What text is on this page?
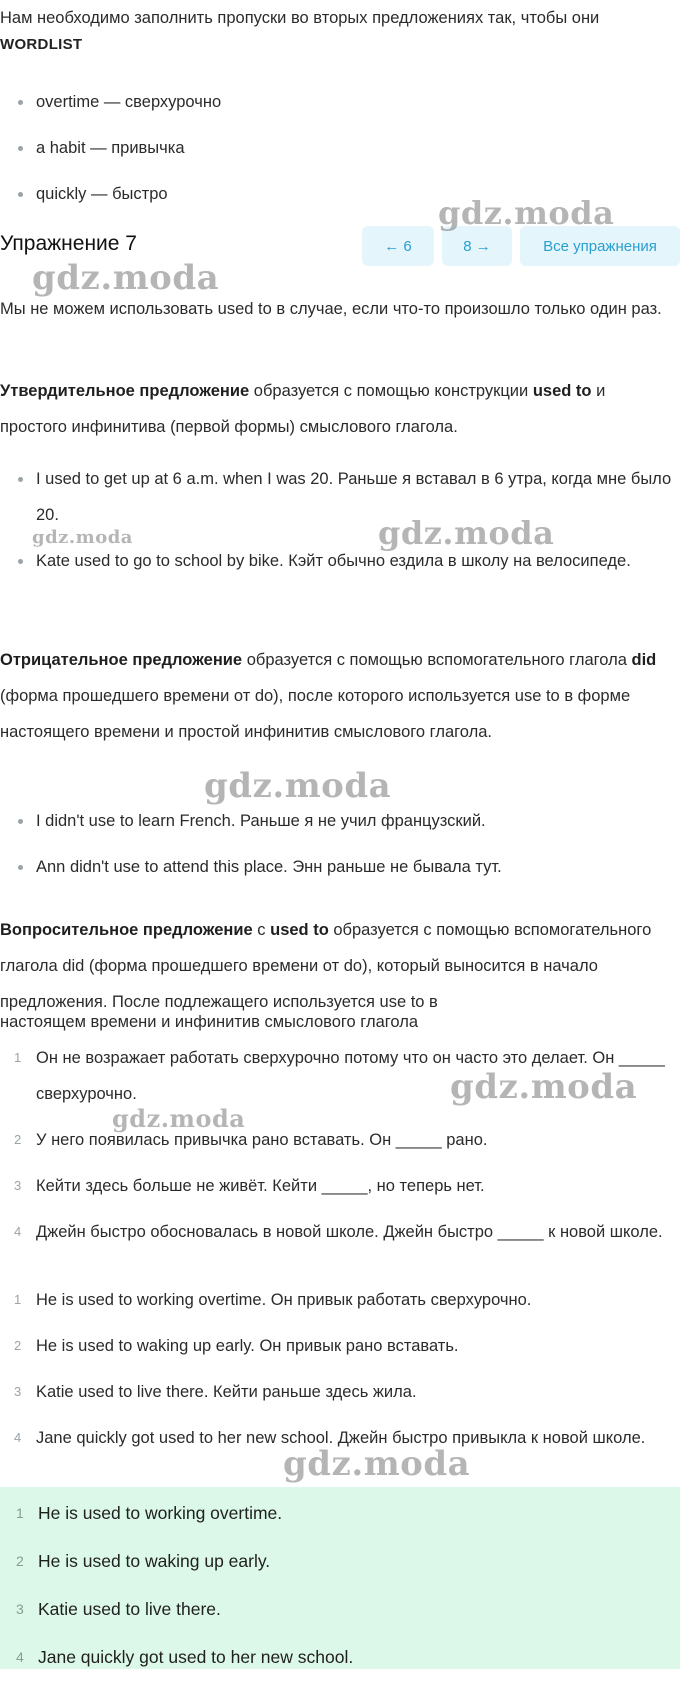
Нам необходимо заполнить пропуски во вторых предложениях так, чтобы они
WORDLIST
overtime — сверхурочно
a habit — привычка
quickly — быстро
Упражнение 7	← 6	8 →	Все упражнения
Мы не можем использовать used to в случае, если что-то произошло только один раз.
Утвердительное предложение образуется с помощью конструкции used to и простого инфинитива (первой формы) смыслового глагола.
I used to get up at 6 a.m. when I was 20. Раньше я вставал в 6 утра, когда мне было 20.
Kate used to go to school by bike. Кэйт обычно ездила в школу на велосипеде.
Отрицательное предложение образуется с помощью вспомогательного глагола did (форма прошедшего времени от do), после которого используется use to в форме настоящего времени и простой инфинитив смыслового глагола.
I didn't use to learn French. Раньше я не учил французский.
Ann didn't use to attend this place. Энн раньше не бывала тут.
Вопросительное предложение с used to образуется с помощью вспомогательного глагола did (форма прошедшего времени от do), который выносится в начало предложения. После подлежащего используется use to в
настоящем времени и инфинитив смыслового глагола
1 Он не возражает работать сверхурочно потому что он часто это делает. Он _____ сверхурочно.
2 У него появилась привычка рано вставать. Он _____ рано.
3 Кейти здесь больше не живёт. Кейти _____, но теперь нет.
4 Джейн быстро обосновалась в новой школе. Джейн быстро _____ к новой школе.
1 He is used to working overtime. Он привык работать сверхурочно.
2 He is used to waking up early. Он привык рано вставать.
3 Katie used to live there. Кейти раньше здесь жила.
4 Jane quickly got used to her new school. Джейн быстро привыкла к новой школе.
1 He is used to working overtime.
2 He is used to waking up early.
3 Katie used to live there.
4 Jane quickly got used to her new school.
gdz.moda
gdz.moda
gdz.moda	gdz.moda
gdz.moda
gdz.moda
gdz.moda
gdz.moda
